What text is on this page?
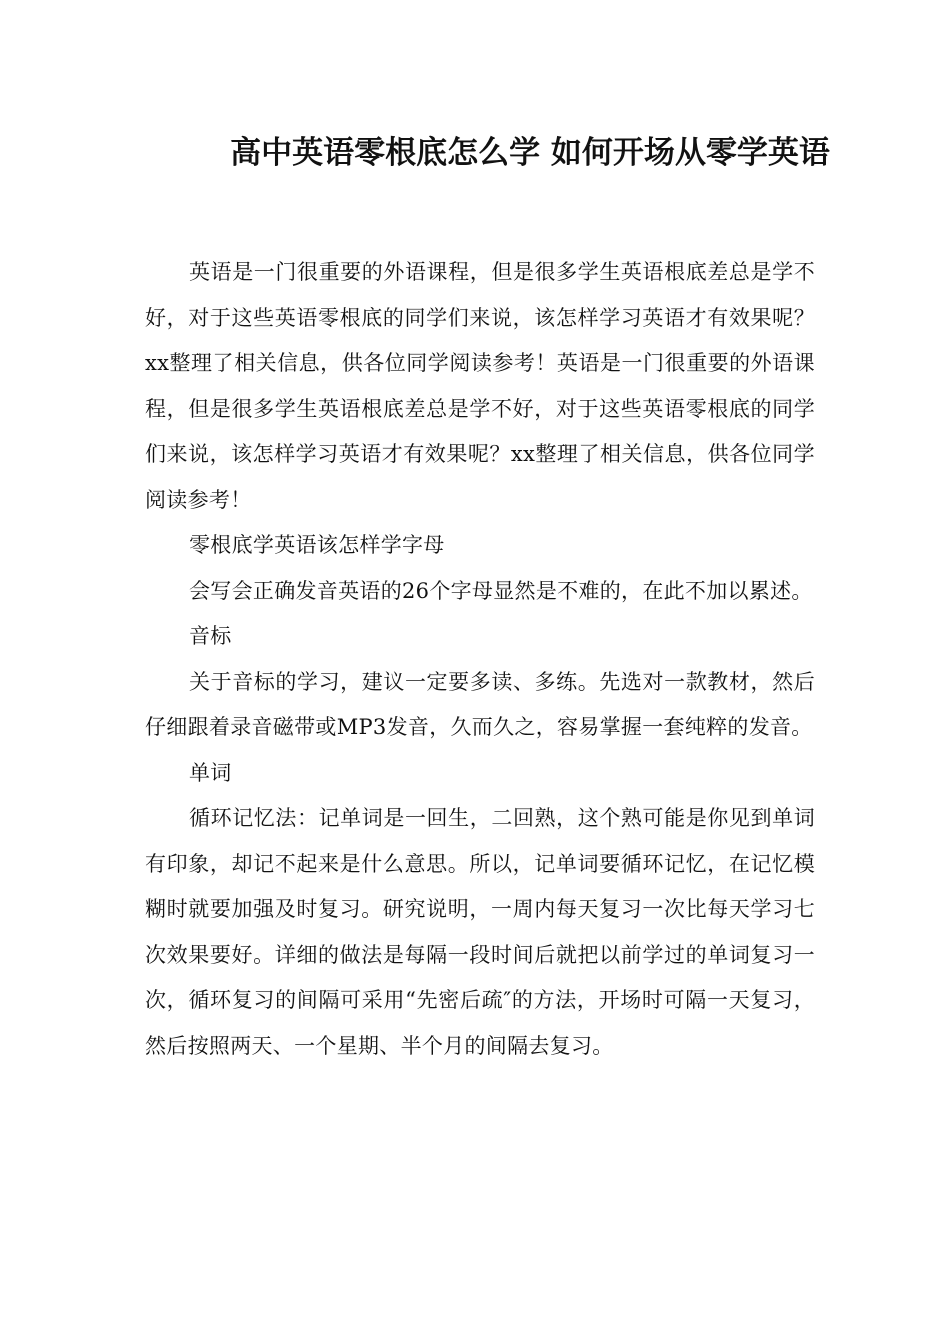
高中英语零根底怎么学 如何开场从零学英语

英语是一门很重要的外语课程，但是很多学生英语根底差总是学不好，对于这些英语零根底的同学们来说，该怎样学习英语才有效果呢？xx整理了相关信息，供各位同学阅读参考！英语是一门很重要的外语课程，但是很多学生英语根底差总是学不好，对于这些英语零根底的同学们来说，该怎样学习英语才有效果呢？xx整理了相关信息，供各位同学阅读参考！

零根底学英语该怎样学字母

会写会正确发音英语的26个字母显然是不难的，在此不加以累述。

音标

关于音标的学习，建议一定要多读、多练。先选对一款教材，然后仔细跟着录音磁带或MP3发音，久而久之，容易掌握一套纯粹的发音。

单词

循环记忆法：记单词是一回生，二回熟，这个熟可能是你见到单词有印象，却记不起来是什么意思。所以，记单词要循环记忆，在记忆模糊时就要加强及时复习。研究说明，一周内每天复习一次比每天学习七次效果要好。详细的做法是每隔一段时间后就把以前学过的单词复习一次，循环复习的间隔可采用“先密后疏″的方法，开场时可隔一天复习，然后按照两天、一个星期、半个月的间隔去复习。
